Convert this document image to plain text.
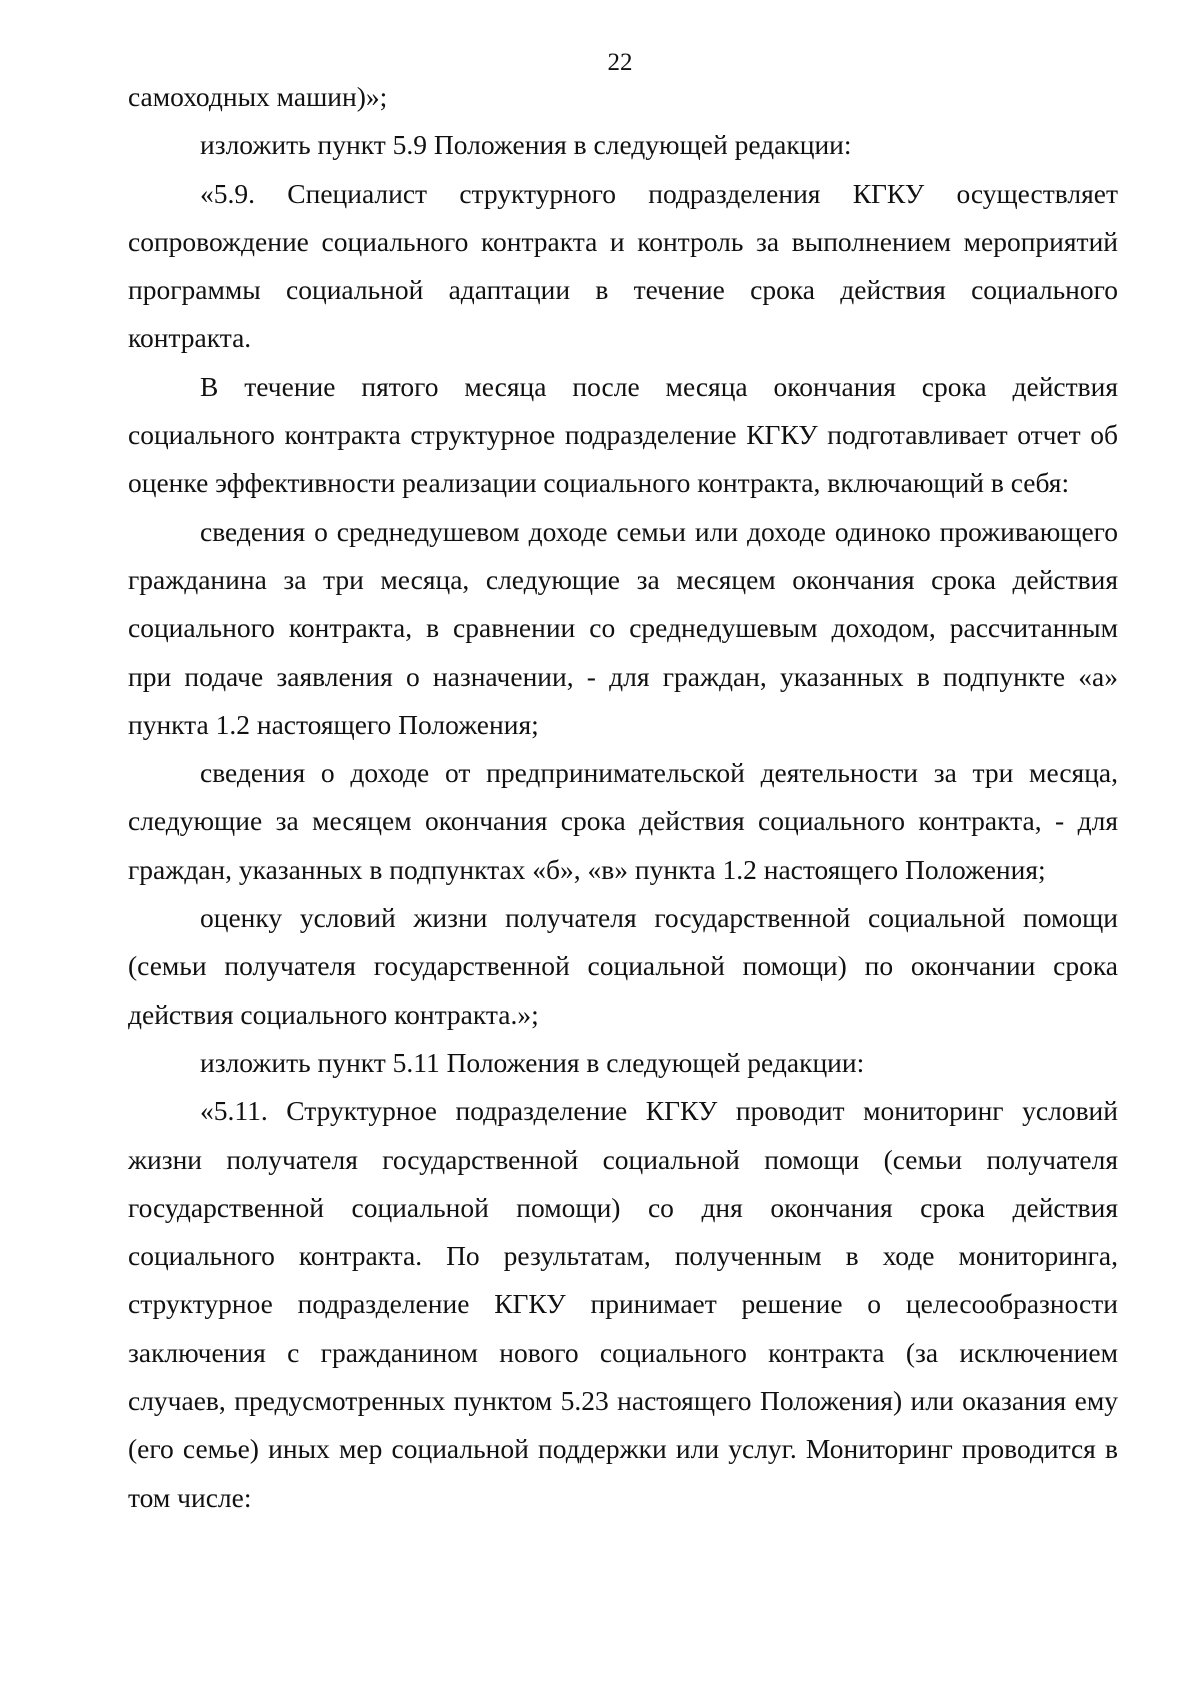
22

самоходных машин)»;

изложить пункт 5.9 Положения в следующей редакции:

«5.9. Специалист структурного подразделения КГКУ осуществляет сопровождение социального контракта и контроль за выполнением мероприятий программы социальной адаптации в течение срока действия социального контракта.

В течение пятого месяца после месяца окончания срока действия социального контракта структурное подразделение КГКУ подготавливает отчет об оценке эффективности реализации социального контракта, включающий в себя:

сведения о среднедушевом доходе семьи или доходе одиноко проживающего гражданина за три месяца, следующие за месяцем окончания срока действия социального контракта, в сравнении со среднедушевым доходом, рассчитанным при подаче заявления о назначении, - для граждан, указанных в подпункте «а» пункта 1.2 настоящего Положения;

сведения о доходе от предпринимательской деятельности за три месяца, следующие за месяцем окончания срока действия социального контракта, - для граждан, указанных в подпунктах «б», «в» пункта 1.2 настоящего Положения;

оценку условий жизни получателя государственной социальной помощи (семьи получателя государственной социальной помощи) по окончании срока действия социального контракта.»;

изложить пункт 5.11 Положения в следующей редакции:

«5.11. Структурное подразделение КГКУ проводит мониторинг условий жизни получателя государственной социальной помощи (семьи получателя государственной социальной помощи) со дня окончания срока действия социального контракта. По результатам, полученным в ходе мониторинга, структурное подразделение КГКУ принимает решение о целесообразности заключения с гражданином нового социального контракта (за исключением случаев, предусмотренных пунктом 5.23 настоящего Положения) или оказания ему (его семье) иных мер социальной поддержки или услуг. Мониторинг проводится в том числе:
